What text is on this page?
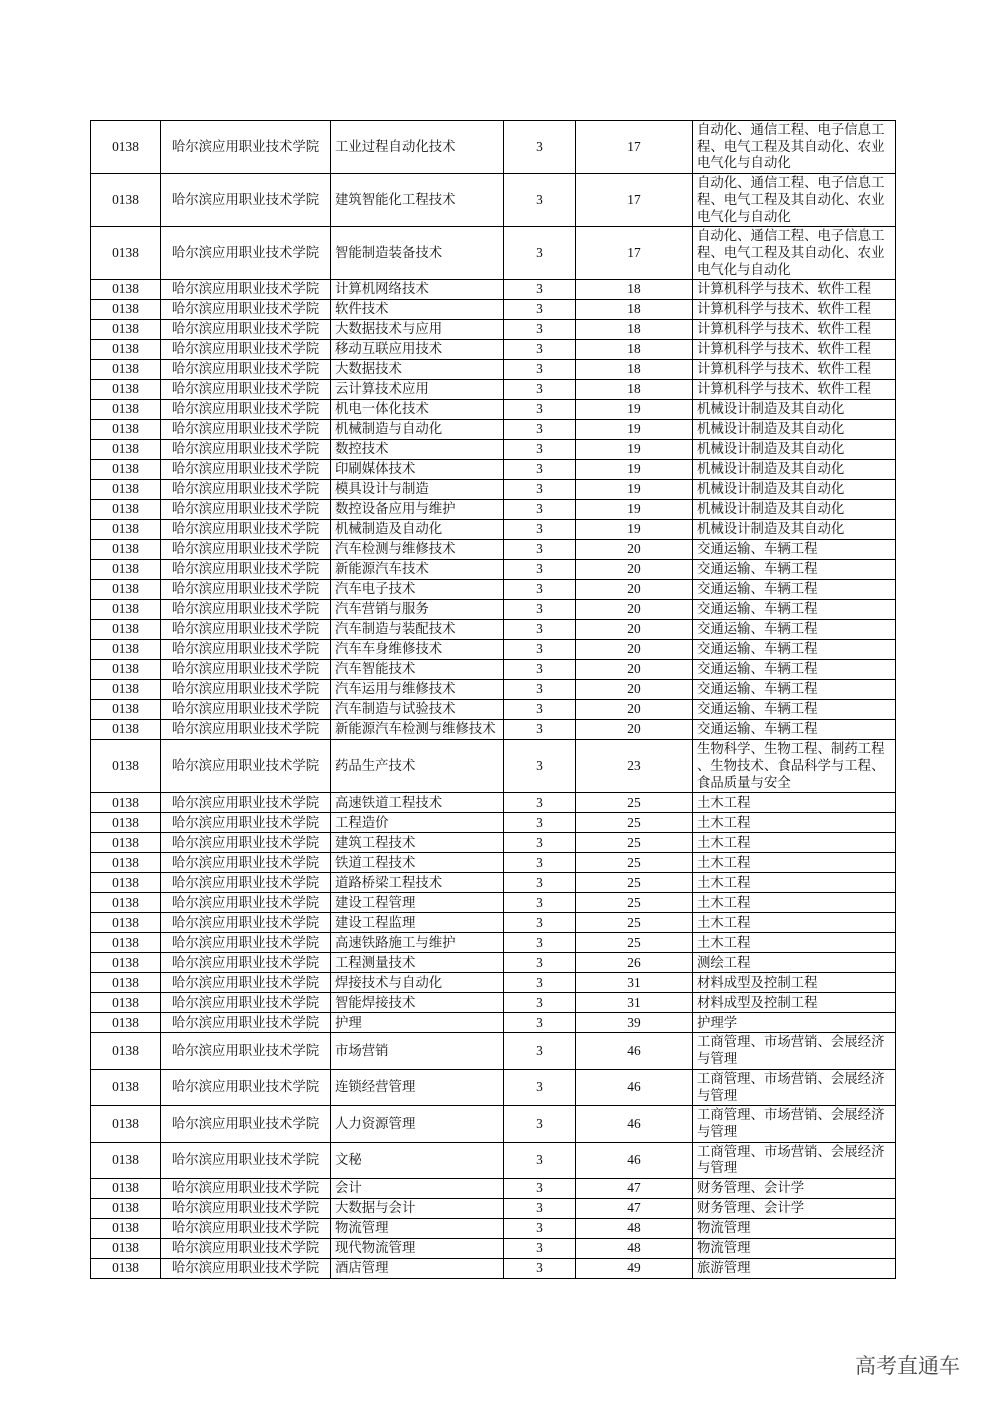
0138	哈尔滨应用职业技术学院	工业过程自动化技术	3	17	自动化、通信工程、电子信息工程、电气工程及其自动化、农业电气化与自动化
0138	哈尔滨应用职业技术学院	建筑智能化工程技术	3	17	自动化、通信工程、电子信息工程、电气工程及其自动化、农业电气化与自动化
0138	哈尔滨应用职业技术学院	智能制造装备技术	3	17	自动化、通信工程、电子信息工程、电气工程及其自动化、农业电气化与自动化
0138	哈尔滨应用职业技术学院	计算机网络技术	3	18	计算机科学与技术、软件工程
0138	哈尔滨应用职业技术学院	软件技术	3	18	计算机科学与技术、软件工程
0138	哈尔滨应用职业技术学院	大数据技术与应用	3	18	计算机科学与技术、软件工程
0138	哈尔滨应用职业技术学院	移动互联应用技术	3	18	计算机科学与技术、软件工程
0138	哈尔滨应用职业技术学院	大数据技术	3	18	计算机科学与技术、软件工程
0138	哈尔滨应用职业技术学院	云计算技术应用	3	18	计算机科学与技术、软件工程
0138	哈尔滨应用职业技术学院	机电一体化技术	3	19	机械设计制造及其自动化
0138	哈尔滨应用职业技术学院	机械制造与自动化	3	19	机械设计制造及其自动化
0138	哈尔滨应用职业技术学院	数控技术	3	19	机械设计制造及其自动化
0138	哈尔滨应用职业技术学院	印刷媒体技术	3	19	机械设计制造及其自动化
0138	哈尔滨应用职业技术学院	模具设计与制造	3	19	机械设计制造及其自动化
0138	哈尔滨应用职业技术学院	数控设备应用与维护	3	19	机械设计制造及其自动化
0138	哈尔滨应用职业技术学院	机械制造及自动化	3	19	机械设计制造及其自动化
0138	哈尔滨应用职业技术学院	汽车检测与维修技术	3	20	交通运输、车辆工程
0138	哈尔滨应用职业技术学院	新能源汽车技术	3	20	交通运输、车辆工程
0138	哈尔滨应用职业技术学院	汽车电子技术	3	20	交通运输、车辆工程
0138	哈尔滨应用职业技术学院	汽车营销与服务	3	20	交通运输、车辆工程
0138	哈尔滨应用职业技术学院	汽车制造与装配技术	3	20	交通运输、车辆工程
0138	哈尔滨应用职业技术学院	汽车车身维修技术	3	20	交通运输、车辆工程
0138	哈尔滨应用职业技术学院	汽车智能技术	3	20	交通运输、车辆工程
0138	哈尔滨应用职业技术学院	汽车运用与维修技术	3	20	交通运输、车辆工程
0138	哈尔滨应用职业技术学院	汽车制造与试验技术	3	20	交通运输、车辆工程
0138	哈尔滨应用职业技术学院	新能源汽车检测与维修技术	3	20	交通运输、车辆工程
0138	哈尔滨应用职业技术学院	药品生产技术	3	23	生物科学、生物工程、制药工程、生物技术、食品科学与工程、食品质量与安全
0138	哈尔滨应用职业技术学院	高速铁道工程技术	3	25	土木工程
0138	哈尔滨应用职业技术学院	工程造价	3	25	土木工程
0138	哈尔滨应用职业技术学院	建筑工程技术	3	25	土木工程
0138	哈尔滨应用职业技术学院	铁道工程技术	3	25	土木工程
0138	哈尔滨应用职业技术学院	道路桥梁工程技术	3	25	土木工程
0138	哈尔滨应用职业技术学院	建设工程管理	3	25	土木工程
0138	哈尔滨应用职业技术学院	建设工程监理	3	25	土木工程
0138	哈尔滨应用职业技术学院	高速铁路施工与维护	3	25	土木工程
0138	哈尔滨应用职业技术学院	工程测量技术	3	26	测绘工程
0138	哈尔滨应用职业技术学院	焊接技术与自动化	3	31	材料成型及控制工程
0138	哈尔滨应用职业技术学院	智能焊接技术	3	31	材料成型及控制工程
0138	哈尔滨应用职业技术学院	护理	3	39	护理学
0138	哈尔滨应用职业技术学院	市场营销	3	46	工商管理、市场营销、会展经济与管理
0138	哈尔滨应用职业技术学院	连锁经营管理	3	46	工商管理、市场营销、会展经济与管理
0138	哈尔滨应用职业技术学院	人力资源管理	3	46	工商管理、市场营销、会展经济与管理
0138	哈尔滨应用职业技术学院	文秘	3	46	工商管理、市场营销、会展经济与管理
0138	哈尔滨应用职业技术学院	会计	3	47	财务管理、会计学
0138	哈尔滨应用职业技术学院	大数据与会计	3	47	财务管理、会计学
0138	哈尔滨应用职业技术学院	物流管理	3	48	物流管理
0138	哈尔滨应用职业技术学院	现代物流管理	3	48	物流管理
0138	哈尔滨应用职业技术学院	酒店管理	3	49	旅游管理
高考直通车
